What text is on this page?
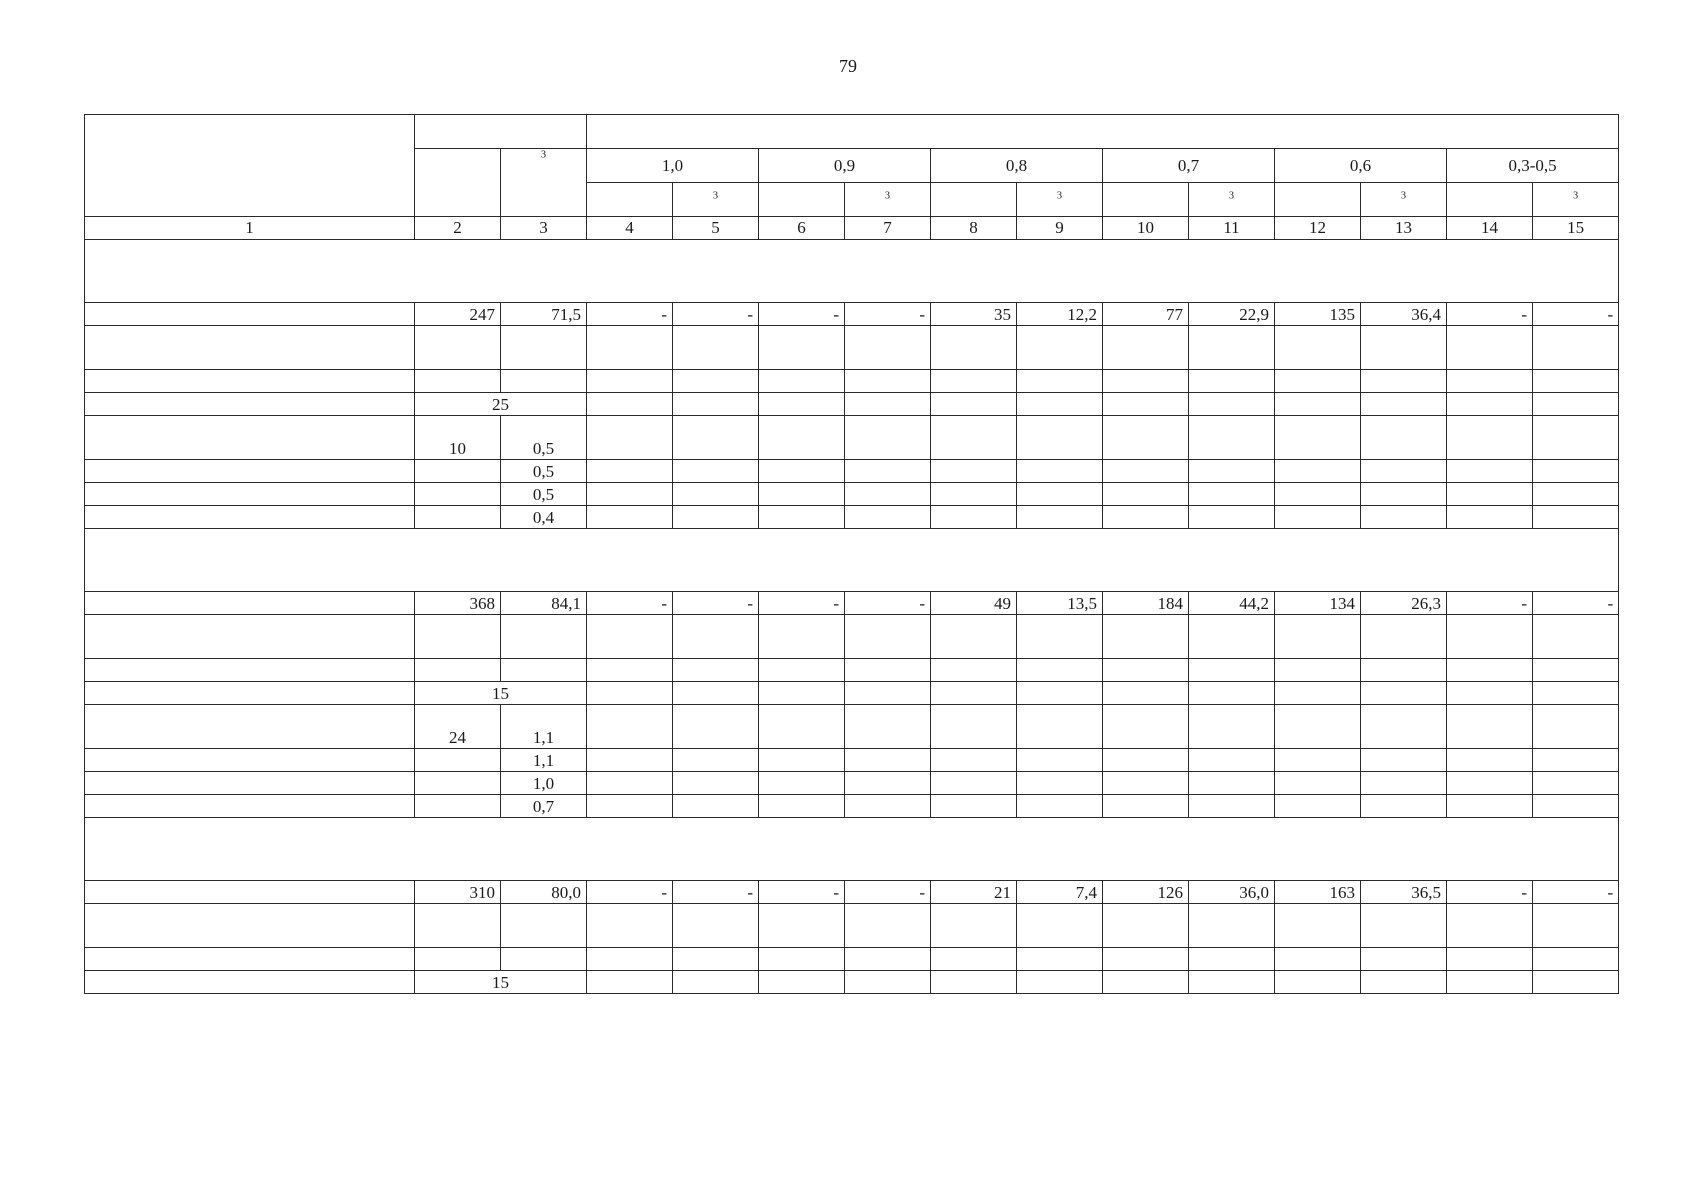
79

		$^3$	1,0		0,9		0,8		0,7		0,6		0,3-0,5	
				$^3$		$^3$		$^3$		$^3$		$^3$		$^3$
1	2	3	4	5	6	7	8	9	10	11	12	13	14	15

	247	71,5	-	-	-	-	35	12,2	77	22,9	135	36,4	-	-

	25													

	10	0,5												
		0,5												
		0,5												
		0,4												

	368	84,1	-	-	-	-	49	13,5	184	44,2	134	26,3	-	-

	15													

	24	1,1												
		1,1												
		1,0												
		0,7												

	310	80,0	-	-	-	-	21	7,4	126	36,0	163	36,5	-	-

	15													
